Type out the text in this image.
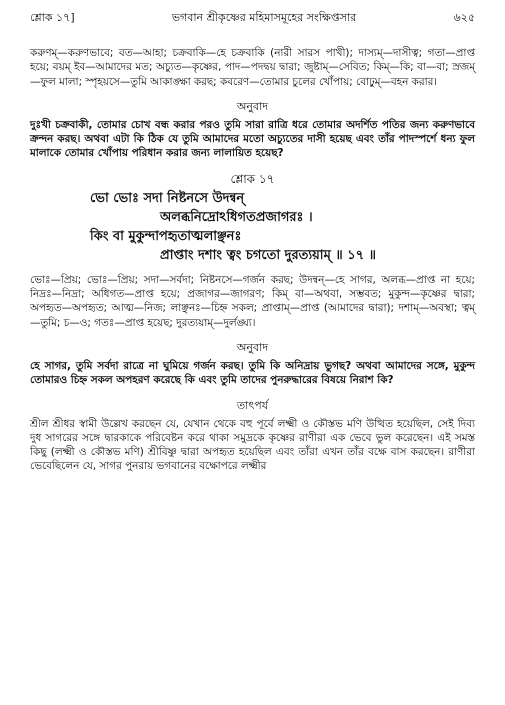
শ্লোক ১৭]	ভগবান শ্রীকৃষ্ণের মহিমাসমূহের সংক্ষিপ্তসার	৬২৫

করুণম্—করুণভাবে; বত—আহা; চক্রবাকি—হে চক্রবাকি (নারী সারস পাখী); দাস্যম্—দাসীত্ব; গতা—প্রাপ্ত হয়ে; বয়ম্ ইব—আমাদের মত; অচ্যুত—কৃষ্ণের, পাদ—পদদ্বয় দ্বারা; জুষ্টাম্—সেবিত; কিম্—কি; বা—বা; স্রজম্—ফুল মালা; স্পৃহয়সে—তুমি আকাঙ্ক্ষা করছ; কবরেণ—তোমার চুলের খোঁপায়; বোঢ়ুম্—বহন করার।

অনুবাদ

দুঃখী চক্রবাকী, তোমার চোখ বন্ধ করার পরও তুমি সারা রাত্রি ধরে তোমার অদর্শিত পতির জন্য করুণভাবে ক্রন্দন করছ। অথবা এটা কি ঠিক যে তুমি আমাদের মতো অচ্যুতের দাসী হয়েছ এবং তাঁর পাদস্পর্শে ধন্য ফুল মালাকে তোমার খোঁপায় পরিধান করার জন্য লালায়িত হয়েছ?

শ্লোক ১৭
ভো ভোঃ সদা নিষ্টনসে উদন্বন্
অলব্ধনিদ্রোঽধিগতপ্রজাগরঃ ।
কিং বা মুকুন্দাপহৃতাত্মলাঞ্ছনঃ
প্রাপ্তাং দশাং ত্বং চগতো দুরত্যয়াম্ ॥ ১৭ ॥

ভোঃ—প্রিয়; ভোঃ—প্রিয়; সদা—সর্বদা; নিষ্টনসে—গর্জন করছ; উদন্বন্—হে সাগর, অলব্ধ—প্রাপ্ত না হয়ে; নিদ্রঃ—নিদ্রা; অধিগত—প্রাপ্ত হয়ে; প্রজাগর—জাগরণ; কিম্ বা—অথবা, সম্ভবত; মুকুন্দ—কৃষ্ণের দ্বারা; অপহৃত—অপহৃত; আত্ম—নিজ; লাঞ্ছনঃ—চিহ্ন সকল; প্রাপ্তাম্—প্রাপ্ত (আমাদের দ্বারা); দশাম্—অবস্থা; ত্বম্—তুমি; চ—ও; গতঃ—প্রাপ্ত হয়েছ; দুরত্যয়াম্—দুর্লঙ্ঘ্য।

অনুবাদ

হে সাগর, তুমি সর্বদা রাত্রে না ঘুমিয়ে গর্জন করছ। তুমি কি অনিদ্রায় ভুগছ? অথবা আমাদের সঙ্গে, মুকুন্দ তোমারও চিহ্ন সকল অপহরণ করেছে কি এবং তুমি তাদের পুনরুদ্ধারের বিষয়ে নিরাশ কি?

তাৎপর্য

শ্রীল শ্রীধর স্বামী উল্লেখ করছেন যে, যেখান থেকে বহু পূর্বে লক্ষ্মী ও কৌস্তভ মণি উত্থিত হয়েছিল, সেই দিব্য দুধ সাগরের সঙ্গে দ্বারকাকে পরিবেষ্টন করে থাকা সমুদ্রকে কৃষ্ণের রাণীরা এক ভেবে ভুল করেছেন। এই সমস্ত কিছু (লক্ষ্মী ও কৌস্তভ মণি) শ্রীবিষ্ণু দ্বারা অপহৃত হয়েছিল এবং তাঁরা এখন তাঁর বক্ষে বাস করছেন। রাণীরা ভেবেছিলেন যে, সাগর পুনরায় ভগবানের বক্ষোপরে লক্ষ্মীর
